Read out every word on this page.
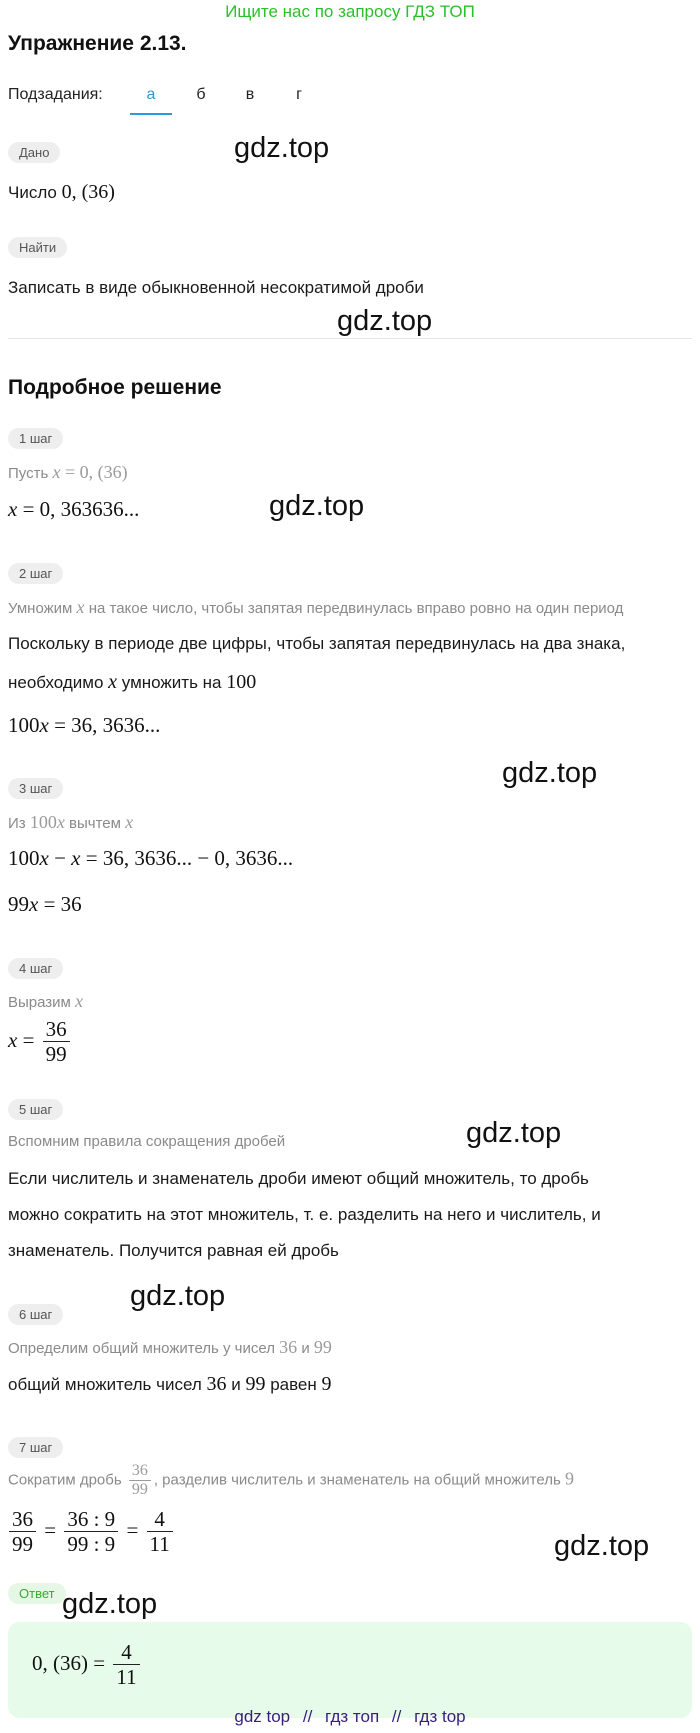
Ищите нас по запросу ГДЗ ТОП
Упражнение 2.13.
Подзадания:	а	б	в	г
Дано
Число 0, (36)
Найти
Записать в виде обыкновенной несократимой дроби
Подробное решение
1 шаг
Пусть x = 0, (36)
x = 0, 363636...
2 шаг
Умножим x на такое число, чтобы запятая передвинулась вправо ровно на один период
Поскольку в периоде две цифры, чтобы запятая передвинулась на два знака,
необходимо x умножить на 100
100x = 36, 3636...
3 шаг
Из 100x вычтем x
100x − x = 36, 3636... − 0, 3636...
99x = 36
4 шаг
Выразим x
$x = \frac{36}{99}$
5 шаг
Вспомним правила сокращения дробей
Если числитель и знаменатель дроби имеют общий множитель, то дробь
можно сократить на этот множитель, т. е. разделить на него и числитель, и
знаменатель. Получится равная ей дробь
6 шаг
Определим общий множитель у чисел 36 и 99
общий множитель чисел 36 и 99 равен 9
7 шаг
Сократим дробь $\frac{36}{99}$ , разделив числитель и знаменатель на общий множитель 9
$\frac{36}{99} = \frac{36 : 9}{99 : 9} = \frac{4}{11}$
Ответ
0, $(36) = \frac{4}{11}$
gdz.top
gdz.top
gdz.top
gdz.top
gdz.top
gdz.top
gdz.top
gdz.top
gdz top // гдз топ // гдз top
